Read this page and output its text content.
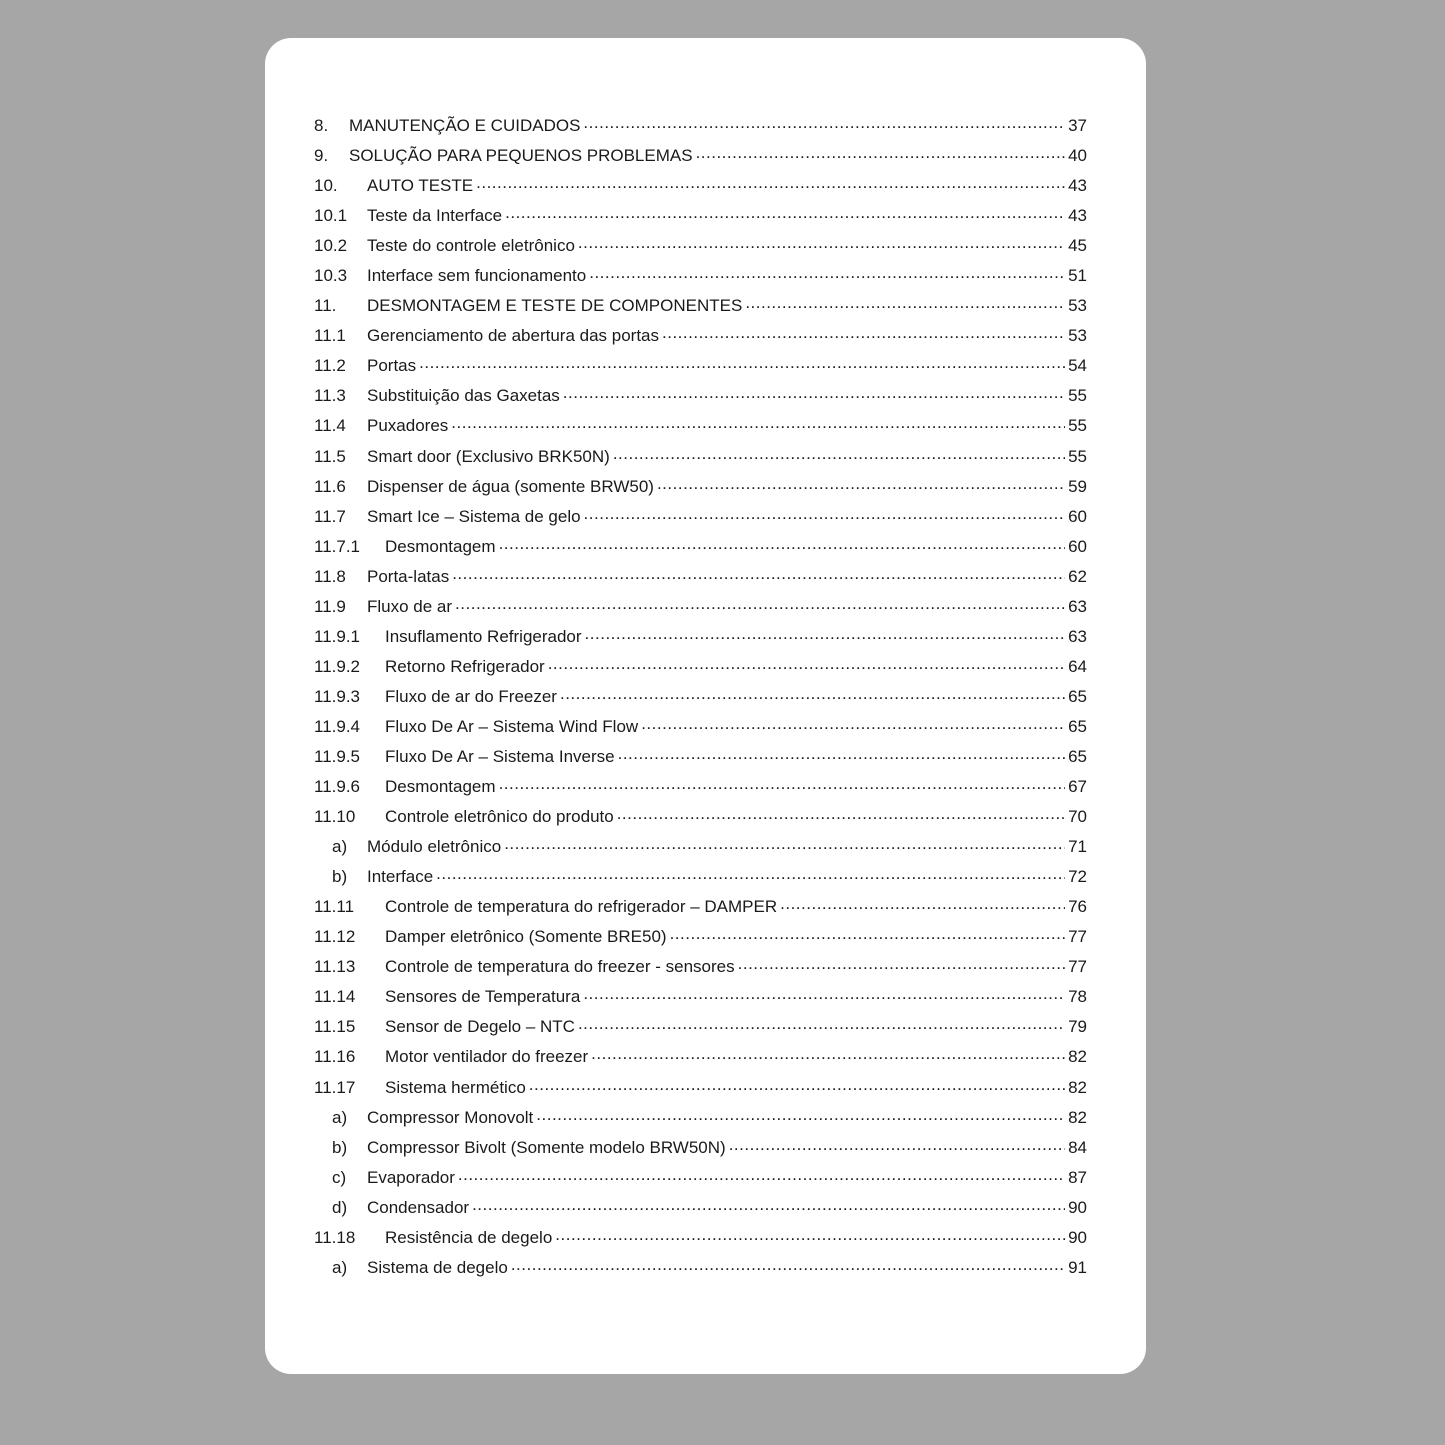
8.	MANUTENÇÃO E CUIDADOS .....	37
9.	SOLUÇÃO PARA PEQUENOS PROBLEMAS .....	40
10.	AUTO TESTE .....	43
10.1	Teste da Interface .....	43
10.2	Teste do controle eletrônico .....	45
10.3	Interface sem funcionamento .....	51
11.	DESMONTAGEM E TESTE DE COMPONENTES .....	53
11.1	Gerenciamento de abertura das portas .....	53
11.2	Portas .....	54
11.3	Substituição das Gaxetas .....	55
11.4	Puxadores .....	55
11.5	Smart door (Exclusivo BRK50N) .....	55
11.6	Dispenser de água (somente BRW50) .....	59
11.7	Smart Ice – Sistema de gelo .....	60
11.7.1	Desmontagem .....	60
11.8	Porta-latas .....	62
11.9	Fluxo de ar .....	63
11.9.1	Insuflamento Refrigerador .....	63
11.9.2	Retorno Refrigerador .....	64
11.9.3	Fluxo de ar do Freezer .....	65
11.9.4	Fluxo De Ar – Sistema Wind Flow .....	65
11.9.5	Fluxo De Ar – Sistema Inverse .....	65
11.9.6	Desmontagem .....	67
11.10	Controle eletrônico do produto .....	70
a)	Módulo eletrônico .....	71
b)	Interface .....	72
11.11	Controle de temperatura do refrigerador – DAMPER .....	76
11.12	Damper eletrônico (Somente BRE50) .....	77
11.13	Controle de temperatura do freezer - sensores .....	77
11.14	Sensores de Temperatura .....	78
11.15	Sensor de Degelo – NTC .....	79
11.16	Motor ventilador do freezer .....	82
11.17	Sistema hermético .....	82
a)	Compressor Monovolt .....	82
b)	Compressor Bivolt (Somente modelo BRW50N) .....	84
c)	Evaporador .....	87
d)	Condensador .....	90
11.18	Resistência de degelo .....	90
a)	Sistema de degelo .....	91
